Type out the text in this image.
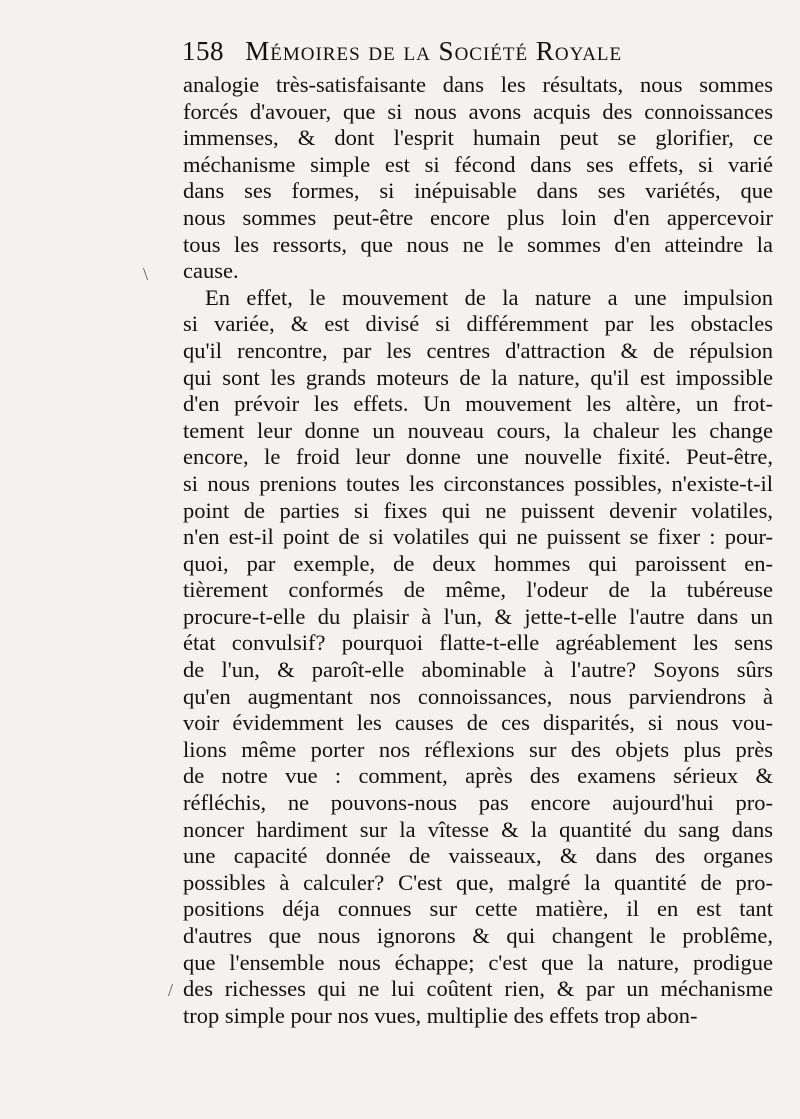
158 Mémoires de la Société Royale
analogie très-satisfaisante dans les résultats, nous sommes
forcés d'avouer, que si nous avons acquis des connoissances
immenses, & dont l'esprit humain peut se glorifier, ce
méchanisme simple est si fécond dans ses effets, si varié
dans ses formes, si inépuisable dans ses variétés, que
nous sommes peut-être encore plus loin d'en appercevoir
tous les ressorts, que nous ne le sommes d'en atteindre la
cause.
En effet, le mouvement de la nature a une impulsion
si variée, & est divisé si différemment par les obstacles
qu'il rencontre, par les centres d'attraction & de répulsion
qui sont les grands moteurs de la nature, qu'il est impossible
d'en prévoir les effets. Un mouvement les altère, un frot-
tement leur donne un nouveau cours, la chaleur les change
encore, le froid leur donne une nouvelle fixité. Peut-être,
si nous prenions toutes les circonstances possibles, n'existe-t-il
point de parties si fixes qui ne puissent devenir volatiles,
n'en est-il point de si volatiles qui ne puissent se fixer : pour-
quoi, par exemple, de deux hommes qui paroissent en-
tièrement conformés de même, l'odeur de la tubéreuse
procure-t-elle du plaisir à l'un, & jette-t-elle l'autre dans un
état convulsif? pourquoi flatte-t-elle agréablement les sens
de l'un, & paroît-elle abominable à l'autre? Soyons sûrs
qu'en augmentant nos connoissances, nous parviendrons à
voir évidemment les causes de ces disparités, si nous vou-
lions même porter nos réflexions sur des objets plus près
de notre vue : comment, après des examens sérieux &
réfléchis, ne pouvons-nous pas encore aujourd'hui pro-
noncer hardiment sur la vîtesse & la quantité du sang dans
une capacité donnée de vaisseaux, & dans des organes
possibles à calculer? C'est que, malgré la quantité de pro-
positions déja connues sur cette matière, il en est tant
d'autres que nous ignorons & qui changent le problême,
que l'ensemble nous échappe; c'est que la nature, prodigue
des richesses qui ne lui coûtent rien, & par un méchanisme
trop simple pour nos vues, multiplie des effets trop abon-
\
/
